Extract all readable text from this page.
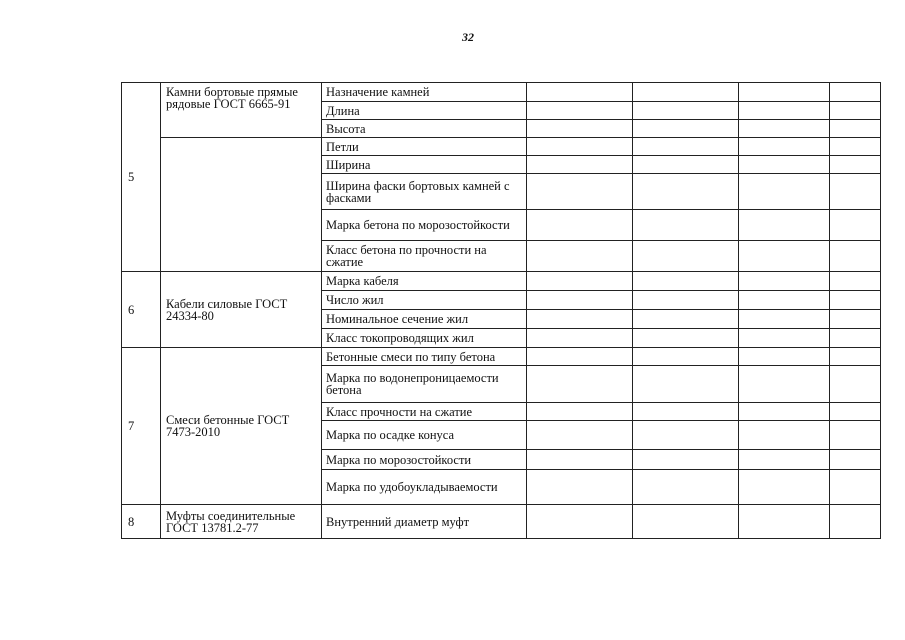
32
5	Камни бортовые прямые рядовые ГОСТ 6665-91	Назначение камней				
		Длина				
		Высота				
		Петли				
		Ширина				
		Ширина фаски бортовых камней с фасками				
		Марка бетона по морозостойкости				
		Класс бетона по прочности на сжатие				
6	Кабели силовые ГОСТ 24334-80	Марка кабеля				
		Число жил				
		Номинальное сечение жил				
		Класс токопроводящих жил				
7	Смеси бетонные ГОСТ 7473-2010	Бетонные смеси по типу бетона				
		Марка по водонепроницаемости бетона				
		Класс прочности на сжатие				
		Марка по осадке конуса				
		Марка по морозостойкости				
		Марка по удобоукладываемости				
8	Муфты соединительные ГОСТ 13781.2-77	Внутренний диаметр муфт				
